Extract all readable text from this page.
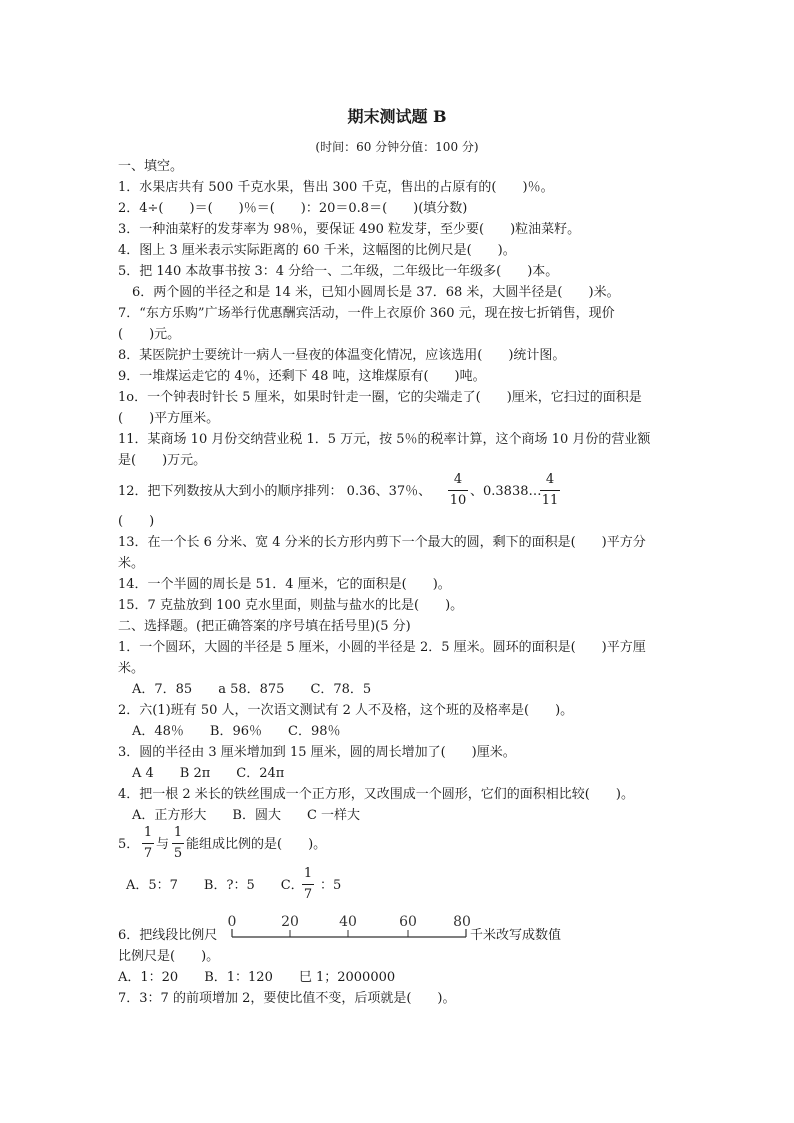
期末测试题 B
(时间：60 分钟分值：100 分)
一、填空。
1．水果店共有 500 千克水果，售出 300 千克，售出的占原有的(　　)％。
2．4÷(　　)＝(　　)％＝(　　)：20＝0.8＝(　　)(填分数)
3．一种油菜籽的发芽率为 98％，要保证 490 粒发芽，至少要(　　)粒油菜籽。
4．图上 3 厘米表示实际距离的 60 千米，这幅图的比例尺是(　　)。
5．把 140 本故事书按 3：4 分给一、二年级，二年级比一年级多(　　)本。
6．两个圆的半径之和是 14 米，已知小圆周长是 37．68 米，大圆半径是(　　)米。
7．“东方乐购”广场举行优惠酬宾活动，一件上衣原价 360 元，现在按七折销售，现价
(　　)元。
8．某医院护士要统计一病人一昼夜的体温变化情况，应该选用(　　)统计图。
9．一堆煤运走它的 4％，还剩下 48 吨，这堆煤原有(　　)吨。
1o．一个钟表时针长 5 厘米，如果时针走一圈，它的尖端走了(　　)厘米，它扫过的面积是
(　　)平方厘米。
11．某商场 10 月份交纳营业税 1．5 万元，按 5％的税率计算，这个商场 10 月份的营业额
是(　　)万元。
12．把下列数按从大到小的顺序排列： 0.36、37％、
4
10
、0.3838…
4
11
(　　)
13．在一个长 6 分米、宽 4 分米的长方形内剪下一个最大的圆，剩下的面积是(　　)平方分
米。
14．一个半圆的周长是 51．4 厘米，它的面积是(　　)。
15．7 克盐放到 100 克水里面，则盐与盐水的比是(　　)。
二、选择题。(把正确答案的序号填在括号里)(5 分)
1．一个圆环，大圆的半径是 5 厘米，小圆的半径是 2．5 厘米。圆环的面积是(　　)平方厘
米。
A．7．85　　a 58．875　　C．78．5
2．六(1)班有 50 人，一次语文测试有 2 人不及格，这个班的及格率是(　　)。
A．48％　　B．96％　　C．98％
3．圆的半径由 3 厘米增加到 15 厘米，圆的周长增加了(　　)厘米。
A 4　　B 2π　　C．24π
4．把一根 2 米长的铁丝围成一个正方形，又改围成一个圆形，它们的面积相比较(　　)。
A．正方形大　　B．圆大　　C 一样大
5．
1
7
与
1
5
能组成比例的是(　　)。
A．5：7　　B．?：5　　C．
1
7
：5
6．把线段比例尺
0	20	40	60	80
千米改写成数值
比例尺是(　　)。
A．1：20　　B．1：120　　巳 1；2000000
7．3：7 的前项增加 2，要使比值不变，后项就是(　　)。
